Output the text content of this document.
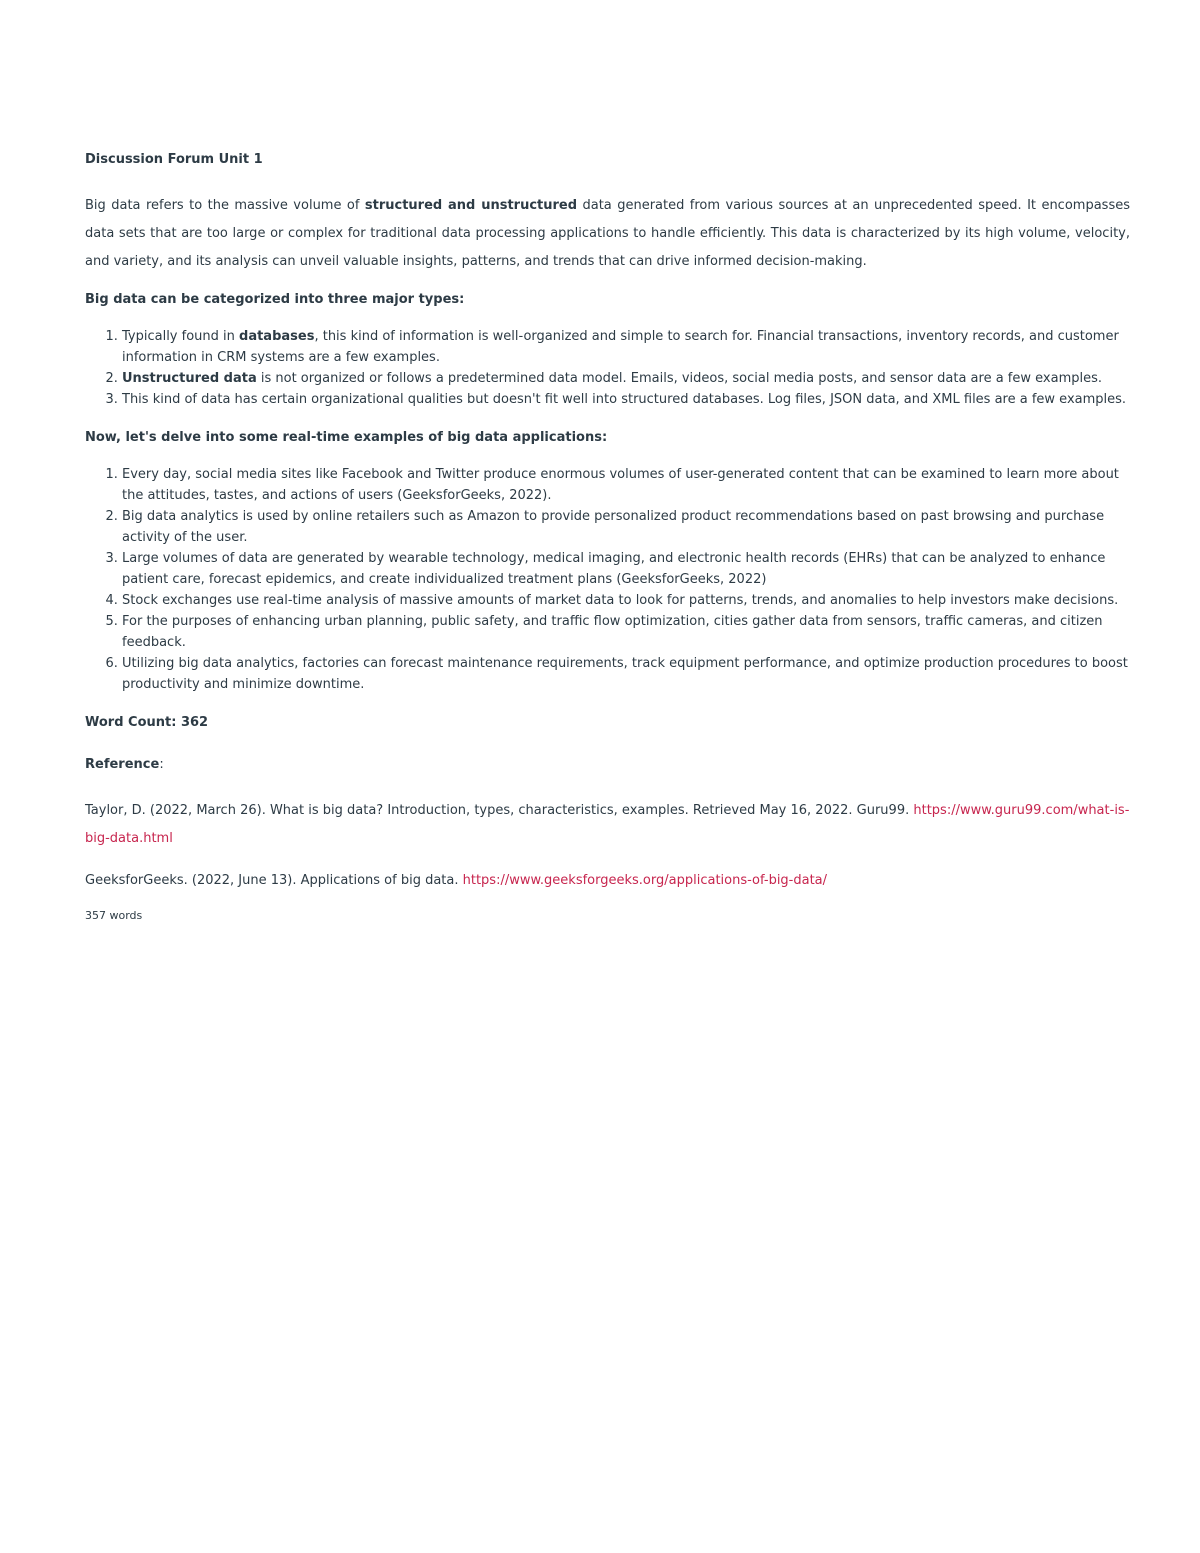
Discussion Forum Unit 1

Big data refers to the massive volume of structured and unstructured data generated from various sources at an unprecedented speed. It encompasses data sets that are too large or complex for traditional data processing applications to handle efficiently. This data is characterized by its high volume, velocity, and variety, and its analysis can unveil valuable insights, patterns, and trends that can drive informed decision-making.

Big data can be categorized into three major types:

1. Typically found in databases, this kind of information is well-organized and simple to search for. Financial transactions, inventory records, and customer information in CRM systems are a few examples.
2. Unstructured data is not organized or follows a predetermined data model. Emails, videos, social media posts, and sensor data are a few examples.
3. This kind of data has certain organizational qualities but doesn't fit well into structured databases. Log files, JSON data, and XML files are a few examples.

Now, let's delve into some real-time examples of big data applications:

1. Every day, social media sites like Facebook and Twitter produce enormous volumes of user-generated content that can be examined to learn more about the attitudes, tastes, and actions of users (GeeksforGeeks, 2022).
2. Big data analytics is used by online retailers such as Amazon to provide personalized product recommendations based on past browsing and purchase activity of the user.
3. Large volumes of data are generated by wearable technology, medical imaging, and electronic health records (EHRs) that can be analyzed to enhance patient care, forecast epidemics, and create individualized treatment plans (GeeksforGeeks, 2022)
4. Stock exchanges use real-time analysis of massive amounts of market data to look for patterns, trends, and anomalies to help investors make decisions.
5. For the purposes of enhancing urban planning, public safety, and traffic flow optimization, cities gather data from sensors, traffic cameras, and citizen feedback.
6. Utilizing big data analytics, factories can forecast maintenance requirements, track equipment performance, and optimize production procedures to boost productivity and minimize downtime.

Word Count: 362

Reference:

Taylor, D. (2022, March 26). What is big data? Introduction, types, characteristics, examples. Retrieved May 16, 2022. Guru99. https://www.guru99.com/what-is-big-data.html

GeeksforGeeks. (2022, June 13). Applications of big data. https://www.geeksforgeeks.org/applications-of-big-data/

357 words
